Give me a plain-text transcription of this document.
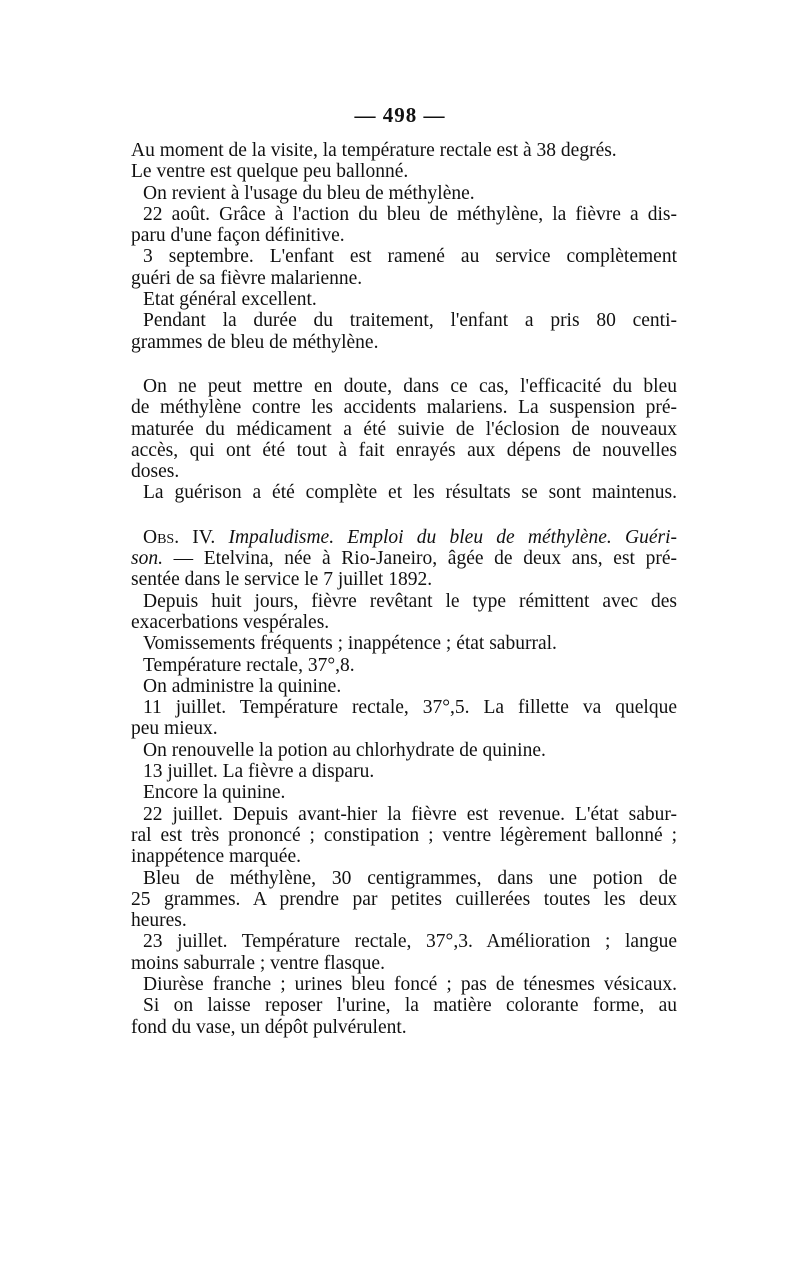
— 498 —
Au moment de la visite, la température rectale est à 38 degrés.
Le ventre est quelque peu ballonné.
On revient à l'usage du bleu de méthylène.
22 août. Grâce à l'action du bleu de méthylène, la fièvre a dis-
paru d'une façon définitive.
3 septembre. L'enfant est ramené au service complètement
guéri de sa fièvre malarienne.
Etat général excellent.
Pendant la durée du traitement, l'enfant a pris 80 centi-
grammes de bleu de méthylène.
On ne peut mettre en doute, dans ce cas, l'efficacité du bleu
de méthylène contre les accidents malariens. La suspension pré-
maturée du médicament a été suivie de l'éclosion de nouveaux
accès, qui ont été tout à fait enrayés aux dépens de nouvelles
doses.
La guérison a été complète et les résultats se sont maintenus.
Obs. IV. Impaludisme. Emploi du bleu de méthylène. Guéri-
son. — Etelvina, née à Rio-Janeiro, âgée de deux ans, est pré-
sentée dans le service le 7 juillet 1892.
Depuis huit jours, fièvre revêtant le type rémittent avec des
exacerbations vespérales.
Vomissements fréquents ; inappétence ; état saburral.
Température rectale, 37°,8.
On administre la quinine.
11 juillet. Température rectale, 37°,5. La fillette va quelque
peu mieux.
On renouvelle la potion au chlorhydrate de quinine.
13 juillet. La fièvre a disparu.
Encore la quinine.
22 juillet. Depuis avant-hier la fièvre est revenue. L'état sabur-
ral est très prononcé ; constipation ; ventre légèrement ballonné ;
inappétence marquée.
Bleu de méthylène, 30 centigrammes, dans une potion de
25 grammes. A prendre par petites cuillerées toutes les deux
heures.
23 juillet. Température rectale, 37°,3. Amélioration ; langue
moins saburrale ; ventre flasque.
Diurèse franche ; urines bleu foncé ; pas de ténesmes vésicaux.
Si on laisse reposer l'urine, la matière colorante forme, au
fond du vase, un dépôt pulvérulent.
